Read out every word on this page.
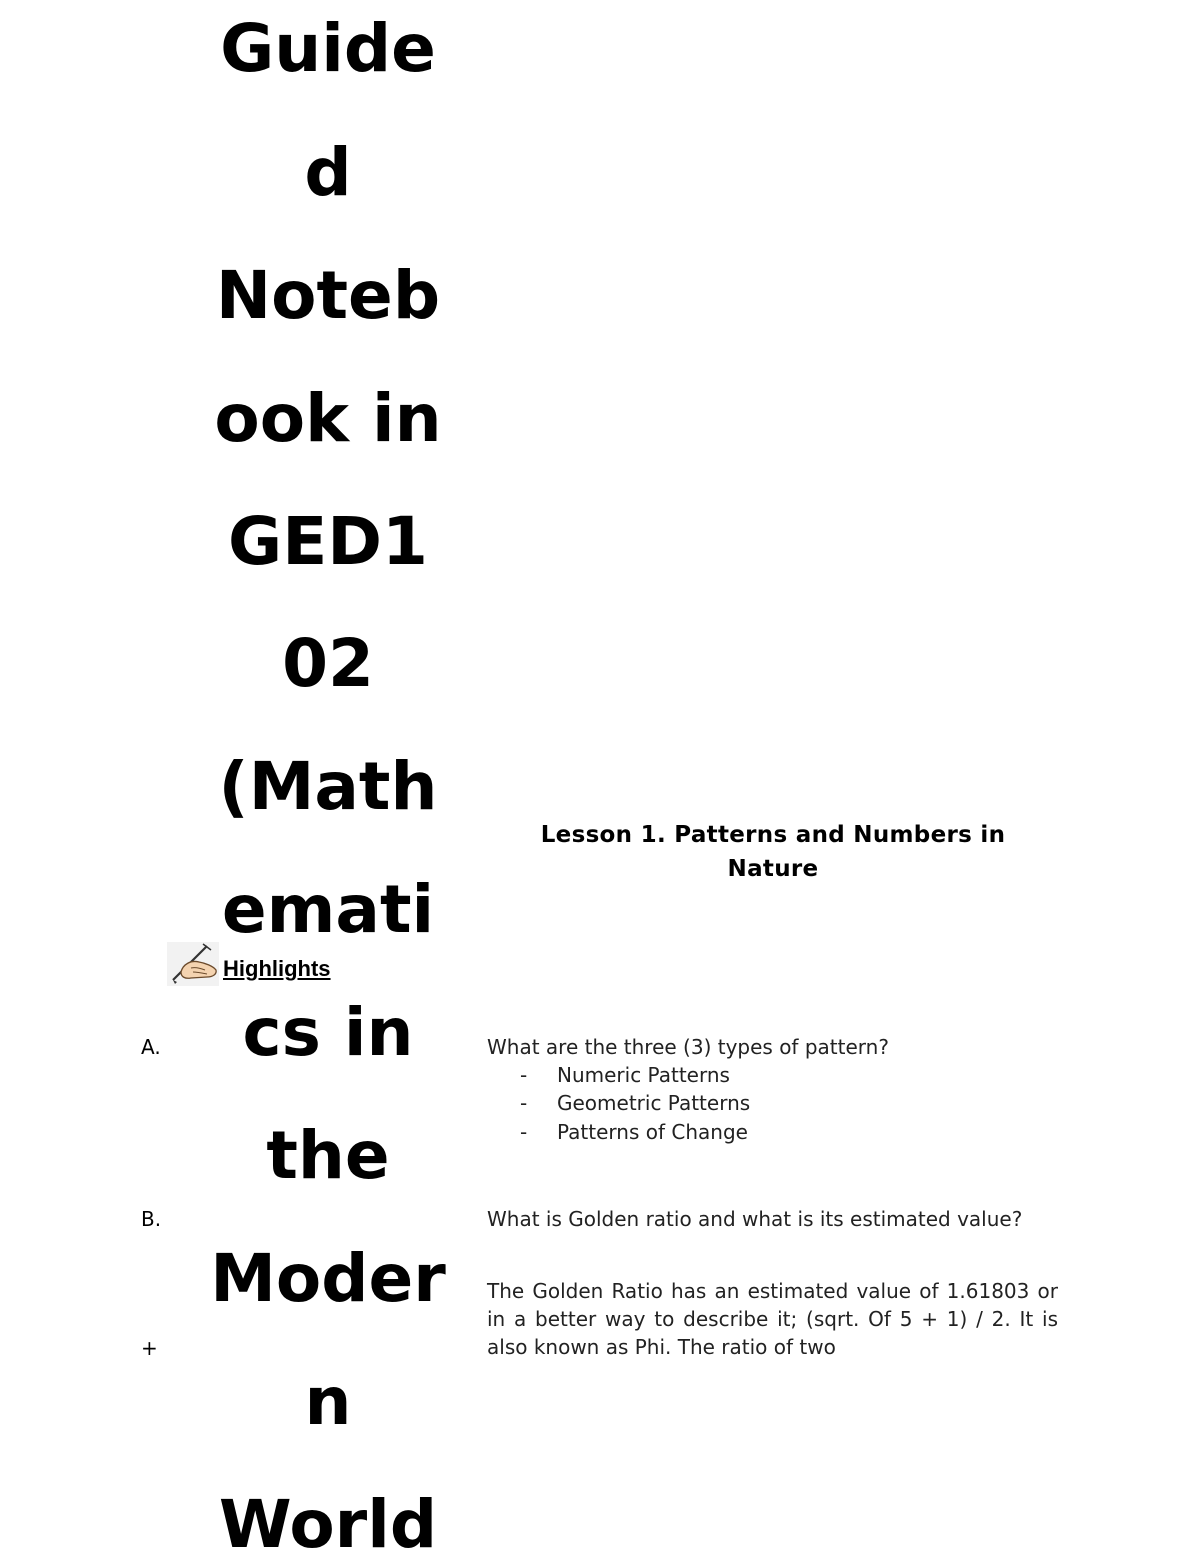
Guide
d
Noteb
ook in
GED1
02
(Math
emati
cs in
the
Moder
n
World
Lesson 1. Patterns and Numbers in Nature
Highlights
A.	What are the three (3) types of pattern?

-	Numeric Patterns
-	Geometric Patterns
-	Patterns of Change
B.	What is Golden ratio and what is its estimated value?

The Golden Ratio has an estimated value of 1.61803 or in a better way to describe it; (sqrt. Of 5 + 1) / 2. It is also known as Phi. The ratio of two

+
